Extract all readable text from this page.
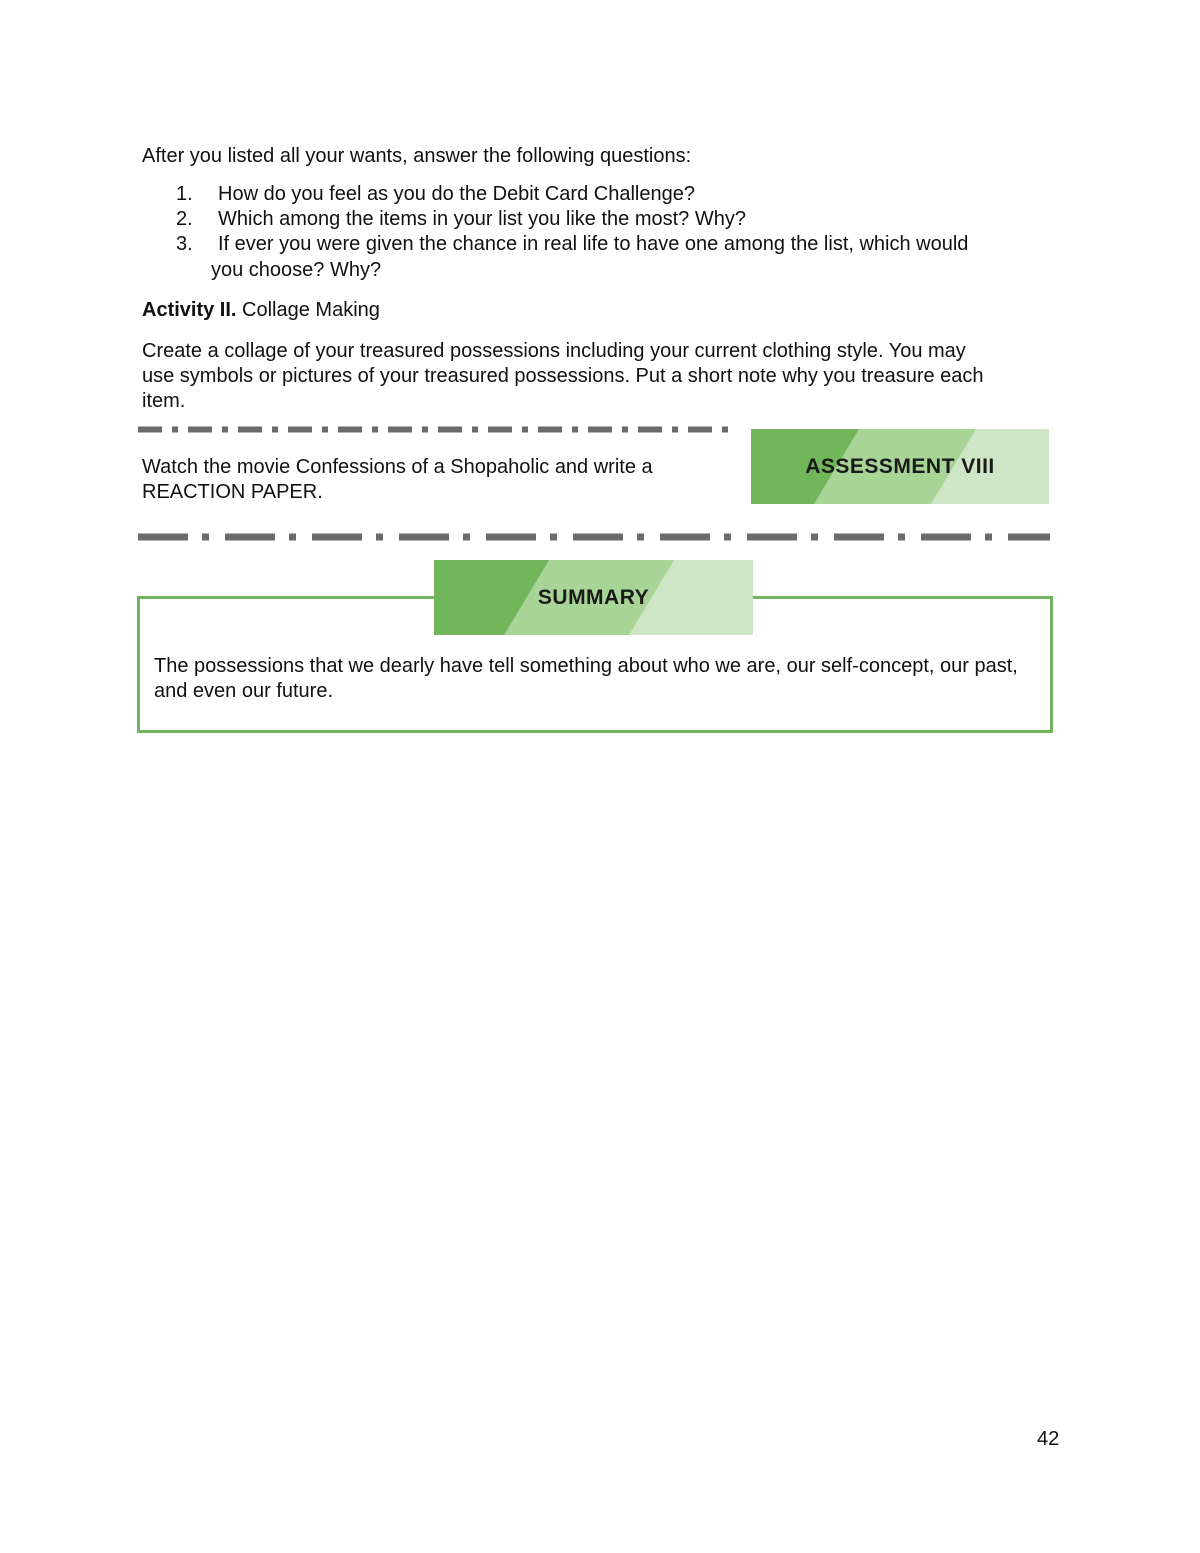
After you listed all your wants, answer the following questions:
1.	How do you feel as you do the Debit Card Challenge?
2.	Which among the items in your list you like the most? Why?
3.	If ever you were given the chance in real life to have one among the list, which would
you choose? Why?
Activity II. Collage Making
Create a collage of your treasured possessions including your current clothing style. You may
use symbols or pictures of your treasured possessions. Put a short note why you treasure each
item.
Watch the movie Confessions of a Shopaholic and write a
REACTION PAPER.
ASSESSMENT VIII
SUMMARY
The possessions that we dearly have tell something about who we are, our self-concept, our past, and even our future.
42
